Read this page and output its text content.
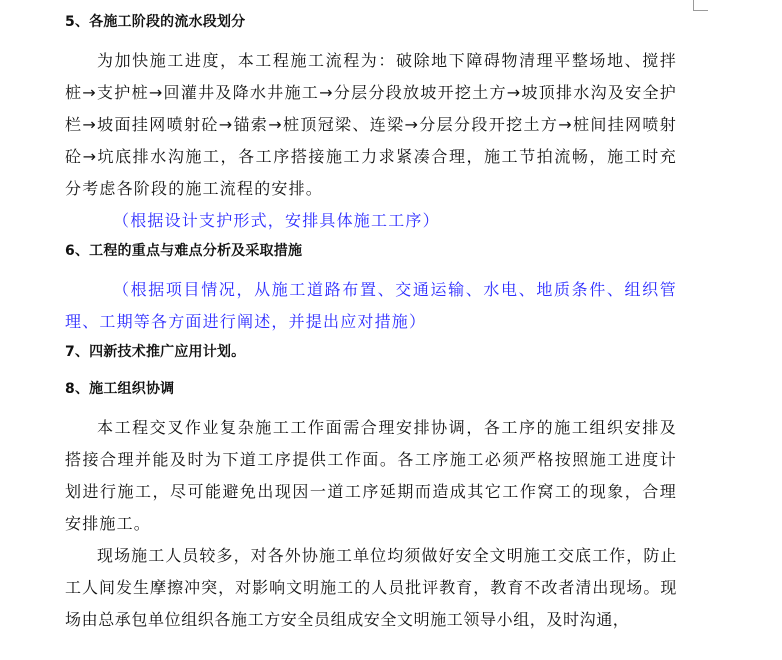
5、各施工阶段的流水段划分

为加快施工进度，本工程施工流程为：破除地下障碍物清理平整场地、搅拌桩→支护桩→回灌井及降水井施工→分层分段放坡开挖土方→坡顶排水沟及安全护栏→坡面挂网喷射砼→锚索→桩顶冠梁、连梁→分层分段开挖土方→桩间挂网喷射砼→坑底排水沟施工，各工序搭接施工力求紧凑合理，施工节拍流畅，施工时充分考虑各阶段的施工流程的安排。

（根据设计支护形式，安排具体施工工序）

6、工程的重点与难点分析及采取措施

（根据项目情况，从施工道路布置、交通运输、水电、地质条件、组织管理、工期等各方面进行阐述，并提出应对措施）

7、四新技术推广应用计划。

8、施工组织协调

本工程交叉作业复杂施工工作面需合理安排协调，各工序的施工组织安排及搭接合理并能及时为下道工序提供工作面。各工序施工必须严格按照施工进度计划进行施工，尽可能避免出现因一道工序延期而造成其它工作窝工的现象，合理安排施工。

现场施工人员较多，对各外协施工单位均须做好安全文明施工交底工作，防止工人间发生摩擦冲突，对影响文明施工的人员批评教育，教育不改者清出现场。现场由总承包单位组织各施工方安全员组成安全文明施工领导小组，及时沟通，
